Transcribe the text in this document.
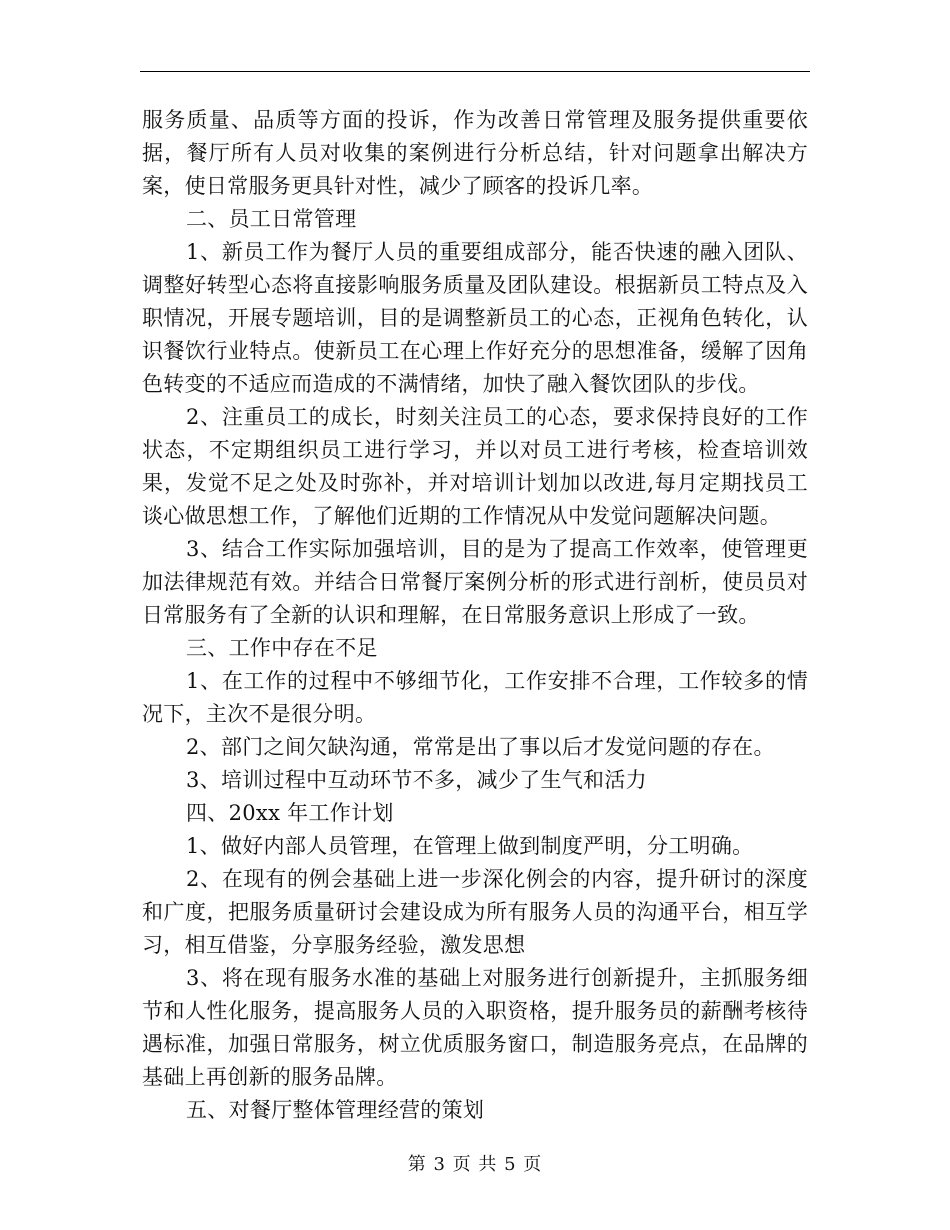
服务质量、品质等方面的投诉，作为改善日常管理及服务提供重要依据，餐厅所有人员对收集的案例进行分析总结，针对问题拿出解决方案，使日常服务更具针对性，减少了顾客的投诉几率。

二、员工日常管理

1、新员工作为餐厅人员的重要组成部分，能否快速的融入团队、调整好转型心态将直接影响服务质量及团队建设。根据新员工特点及入职情况，开展专题培训，目的是调整新员工的心态，正视角色转化，认识餐饮行业特点。使新员工在心理上作好充分的思想准备，缓解了因角色转变的不适应而造成的不满情绪，加快了融入餐饮团队的步伐。

2、注重员工的成长，时刻关注员工的心态，要求保持良好的工作状态，不定期组织员工进行学习，并以对员工进行考核，检查培训效果，发觉不足之处及时弥补，并对培训计划加以改进,每月定期找员工谈心做思想工作，了解他们近期的工作情况从中发觉问题解决问题。

3、结合工作实际加强培训，目的是为了提高工作效率，使管理更加法律规范有效。并结合日常餐厅案例分析的形式进行剖析，使员员对日常服务有了全新的认识和理解，在日常服务意识上形成了一致。

三、工作中存在不足

1、在工作的过程中不够细节化，工作安排不合理，工作较多的情况下，主次不是很分明。

2、部门之间欠缺沟通，常常是出了事以后才发觉问题的存在。

3、培训过程中互动环节不多，减少了生气和活力

四、20xx 年工作计划

1、做好内部人员管理，在管理上做到制度严明，分工明确。

2、在现有的例会基础上进一步深化例会的内容，提升研讨的深度和广度，把服务质量研讨会建设成为所有服务人员的沟通平台，相互学习，相互借鉴，分享服务经验，激发思想

3、将在现有服务水准的基础上对服务进行创新提升，主抓服务细节和人性化服务，提高服务人员的入职资格，提升服务员的薪酬考核待遇标准，加强日常服务，树立优质服务窗口，制造服务亮点，在品牌的基础上再创新的服务品牌。

五、对餐厅整体管理经营的策划

第 3 页 共 5 页
